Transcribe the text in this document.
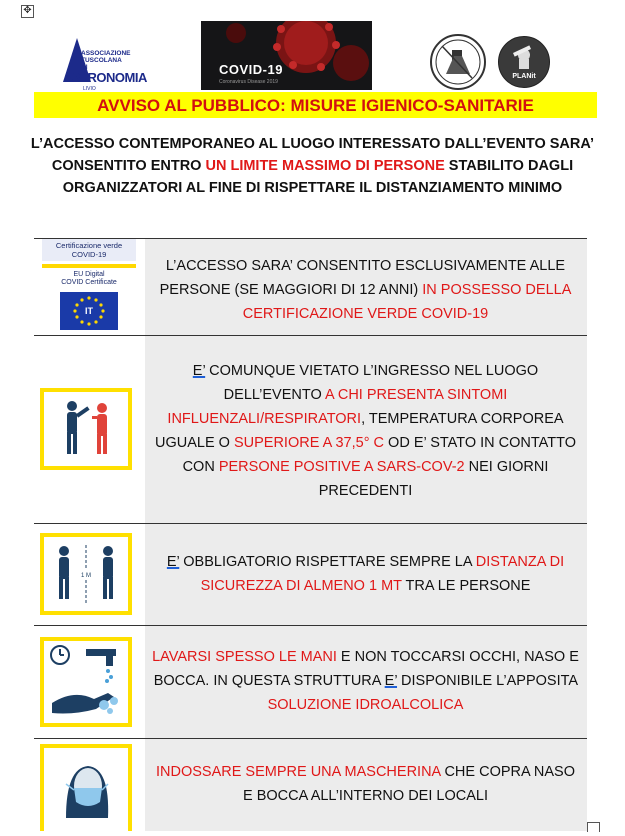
✥
ASSOCIAZIONE
TUSCOLANA
DI
ASTRONOMIA
LIVIO
COVID-19
Coronavirus Disease 2019
PLANit
AVVISO AL PUBBLICO: MISURE IGIENICO-SANITARIE
L’ACCESSO CONTEMPORANEO AL LUOGO INTERESSATO DALL’EVENTO SARA’ CONSENTITO ENTRO UN LIMITE MASSIMO DI PERSONE STABILITO DAGLI ORGANIZZATORI AL FINE DI RISPETTARE IL DISTANZIAMENTO MINIMO
Certificazione verde
COVID-19
EU Digital
COVID Certificate
IT
L’ACCESSO SARA’ CONSENTITO ESCLUSIVAMENTE ALLE PERSONE (SE MAGGIORI DI 12 ANNI) IN POSSESSO DELLA CERTIFICAZIONE VERDE COVID-19
E’ COMUNQUE VIETATO L’INGRESSO NEL LUOGO DELL’EVENTO A CHI PRESENTA SINTOMI INFLUENZALI/RESPIRATORI, TEMPERATURA CORPOREA UGUALE O SUPERIORE A 37,5° C OD E’ STATO IN CONTATTO CON PERSONE POSITIVE A SARS-COV-2 NEI GIORNI PRECEDENTI
1 M
E’ OBBLIGATORIO RISPETTARE SEMPRE LA DISTANZA DI SICUREZZA DI ALMENO 1 MT TRA LE PERSONE
LAVARSI SPESSO LE MANI E NON TOCCARSI OCCHI, NASO E BOCCA. IN QUESTA STRUTTURA E’ DISPONIBILE L’APPOSITA SOLUZIONE IDROALCOLICA
INDOSSARE SEMPRE UNA MASCHERINA CHE COPRA NASO E BOCCA ALL’INTERNO DEI LOCALI
